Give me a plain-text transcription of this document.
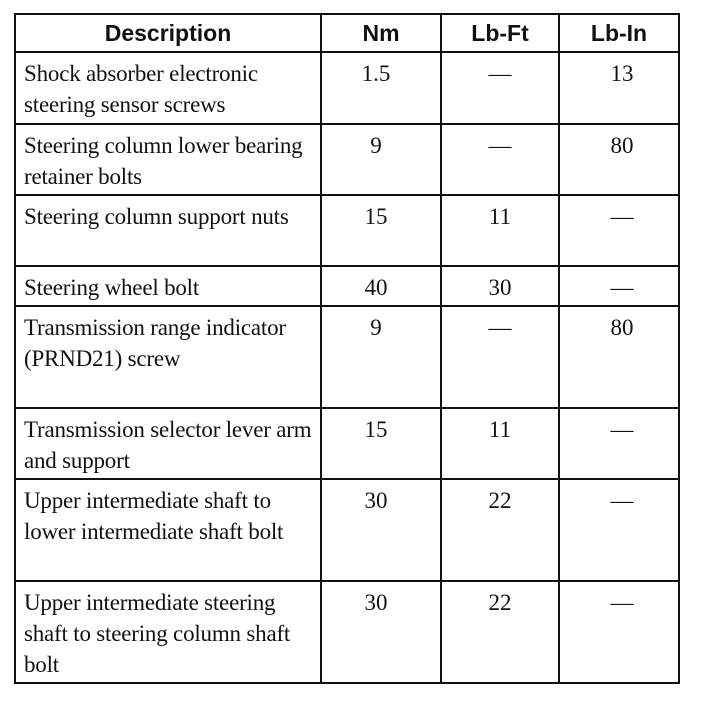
Description	Nm	Lb-Ft	Lb-In
Shock absorber electronic steering sensor screws	1.5	—	13
Steering column lower bearing retainer bolts	9	—	80
Steering column support nuts	15	11	—
Steering wheel bolt	40	30	—
Transmission range indicator (PRND21) screw	9	—	80
Transmission selector lever arm and support	15	11	—
Upper intermediate shaft to lower intermediate shaft bolt	30	22	—
Upper intermediate steering shaft to steering column shaft bolt	30	22	—
